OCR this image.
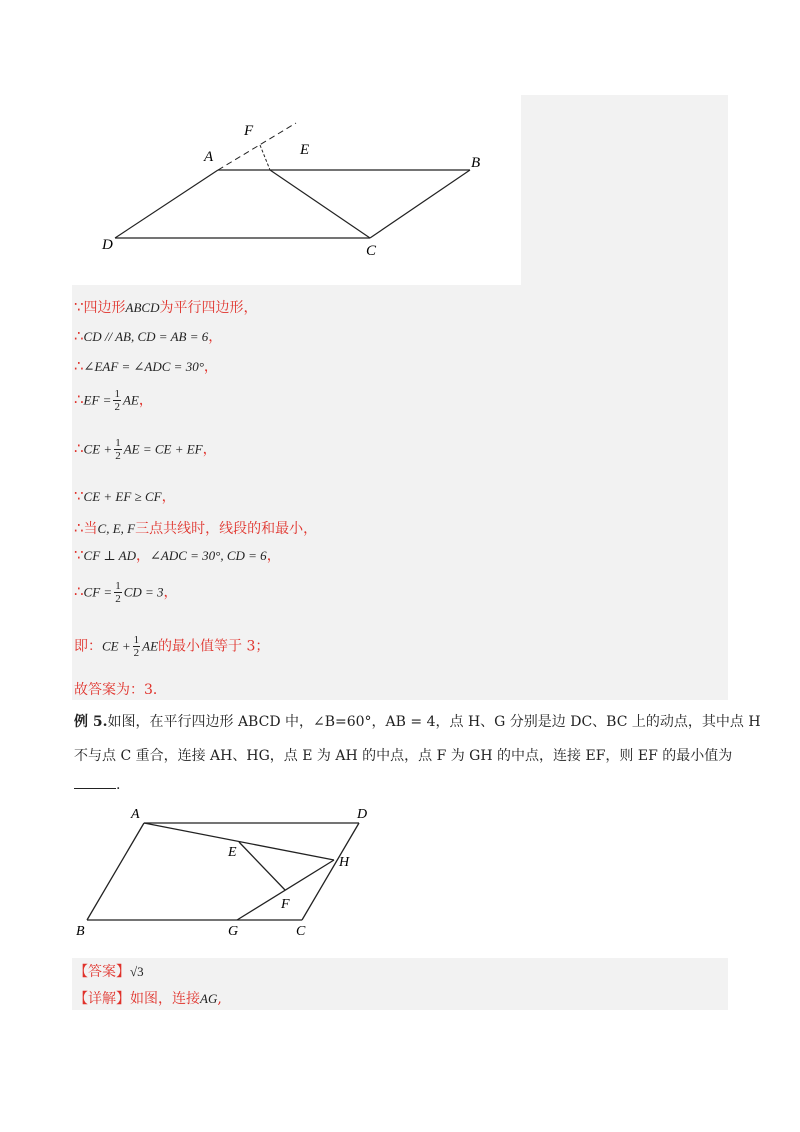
A	B
C
D
E
F
∵四边形ABCD为平行四边形，
∴CD // AB, CD = AB = 6，
∴∠EAF = ∠ADC = 30°，
∴EF = $\frac{1}{2}$ AE，
∴CE + $\frac{1}{2}$ AE = CE + EF，
∵CE + EF ≥ CF，
∴当C, E, F三点共线时，线段的和最小，
∵CF ⊥ AD，∠ADC = 30°, CD = 6，
∴CF = $\frac{1}{2}$ CD = 3，
即：CE + $\frac{1}{2}$ AE的最小值等于 3；
故答案为：3．
例 5.如图，在平行四边形 ABCD 中，∠B=60°，AB = 4，点 H、G 分别是边 DC、BC 上的动点，其中点 H
不与点 C 重合，连接 AH、HG，点 E 为 AH 的中点，点 F 为 GH 的中点，连接 EF，则 EF 的最小值为
.
A	D
B	C
G
H
E
F
【答案】√3
【详解】如图，连接AG,
